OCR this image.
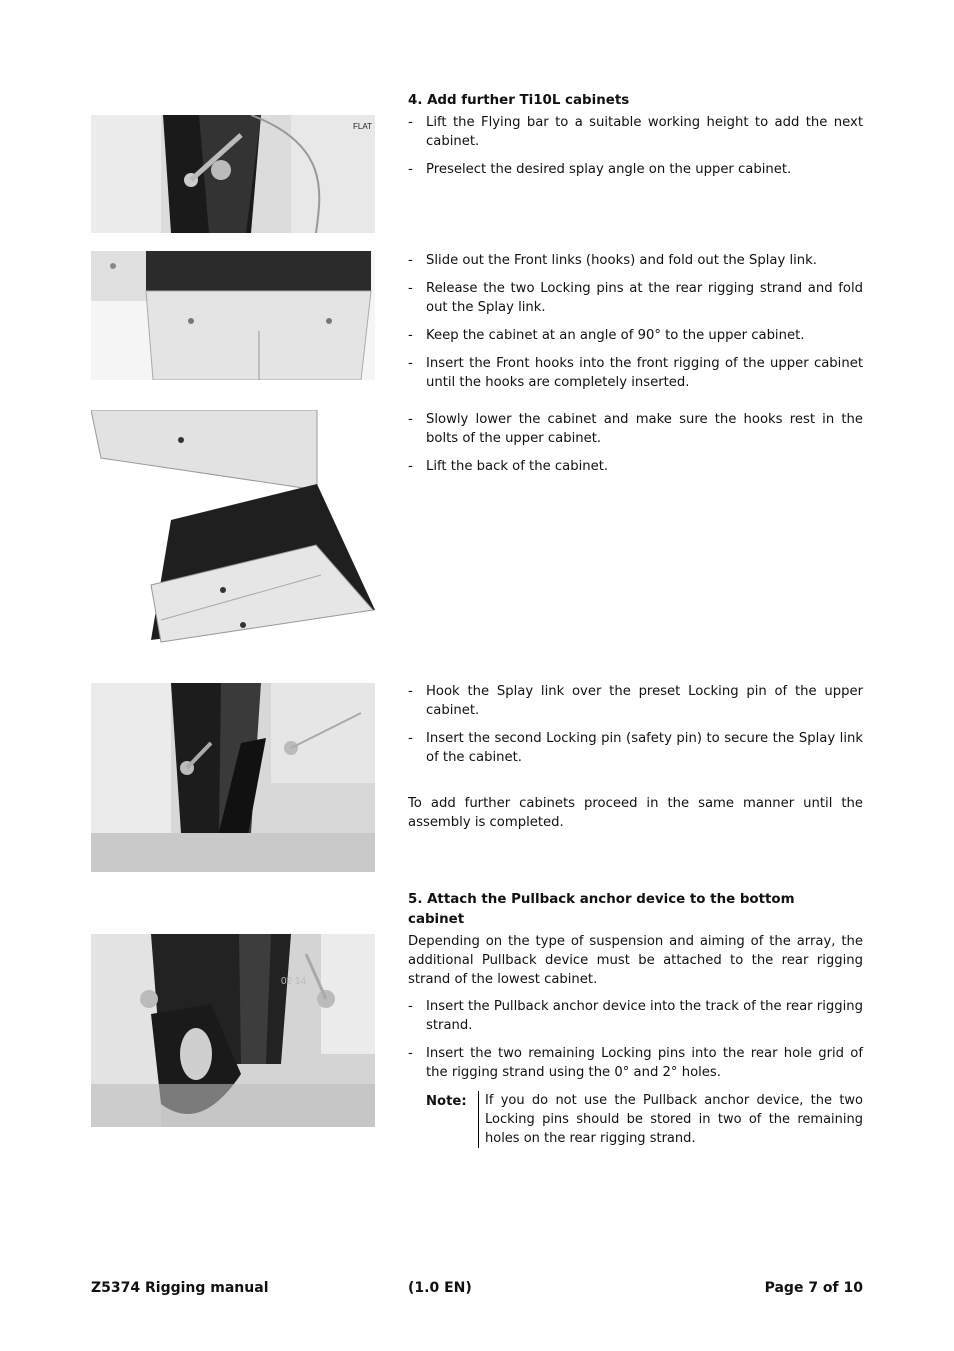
FLAT
02 14
4. Add further Ti10L cabinets
- Lift the Flying bar to a suitable working height to add the next cabinet.
- Preselect the desired splay angle on the upper cabinet.
- Slide out the Front links (hooks) and fold out the Splay link.
- Release the two Locking pins at the rear rigging strand and fold out the Splay link.
- Keep the cabinet at an angle of 90° to the upper cabinet.
- Insert the Front hooks into the front rigging of the upper cabinet until the hooks are completely inserted.
- Slowly lower the cabinet and make sure the hooks rest in the bolts of the upper cabinet.
- Lift the back of the cabinet.
- Hook the Splay link over the preset Locking pin of the upper cabinet.
- Insert the second Locking pin (safety pin) to secure the Splay link of the cabinet.

To add further cabinets proceed in the same manner until the assembly is completed.

5. Attach the Pullback anchor device to the bottom cabinet

Depending on the type of suspension and aiming of the array, the additional Pullback device must be attached to the rear rigging strand of the lowest cabinet.

- Insert the Pullback anchor device into the track of the rear rigging strand.
- Insert the two remaining Locking pins into the rear hole grid of the rigging strand using the 0° and 2° holes.
Note:	If you do not use the Pullback anchor device, the two Locking pins should be stored in two of the remaining holes on the rear rigging strand.
Z5374 Rigging manual	(1.0 EN)	Page 7 of 10
